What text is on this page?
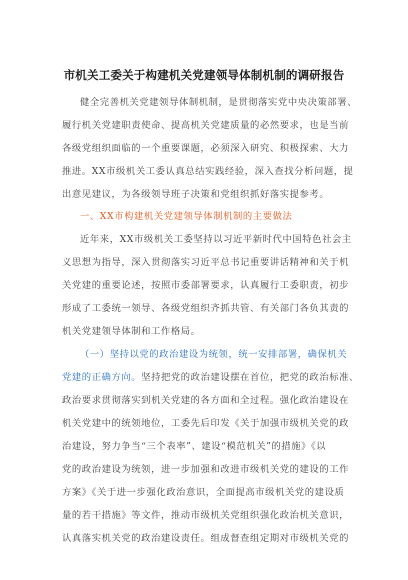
市机关工委关于构建机关党建领导体制机制的调研报告
健全完善机关党建领导体制机制，是贯彻落实党中央决策部署、
履行机关党建职责使命、提高机关党建质量的必然要求，也是当前
各级党组织面临的一个重要课题，必须深入研究、积极探索、大力
推进。XX市级机关工委认真总结实践经验，深入查找分析问题，提
出意见建议，为各级领导班子决策和党组织抓好落实提参考。
一、XX市构建机关党建领导体制机制的主要做法
近年来，XX市级机关工委坚持以习近平新时代中国特色社会主
义思想为指导，深入贯彻落实习近平总书记重要讲话精神和关于机
关党建的重要论述，按照市委部署要求，认真履行工委职责，初步
形成了工委统一领导、各级党组织齐抓共管、有关部门各负其责的
机关党建领导体制和工作格局。
（一）坚持以党的政治建设为统领，统一安排部署，确保机关
党建的正确方向。坚持把党的政治建设摆在首位，把党的政治标准、
政治要求贯彻落实到机关党建的各方面和全过程。强化政治建设在
机关党建中的统领地位，工委先后印发《关于加强市级机关党的政
治建设，努力争当“三个表率”、建设“模范机关”的措施》《以
党的政治建设为统领，进一步加强和改进市级机关党的建设的工作
方案》《关于进一步强化政治意识，全面提高市级机关党的建设质
量的若干措施》等文件，推动市级机关党组织强化政治机关意识，
认真落实机关党的政治建设责任。组成督查组定期对市级机关党的
